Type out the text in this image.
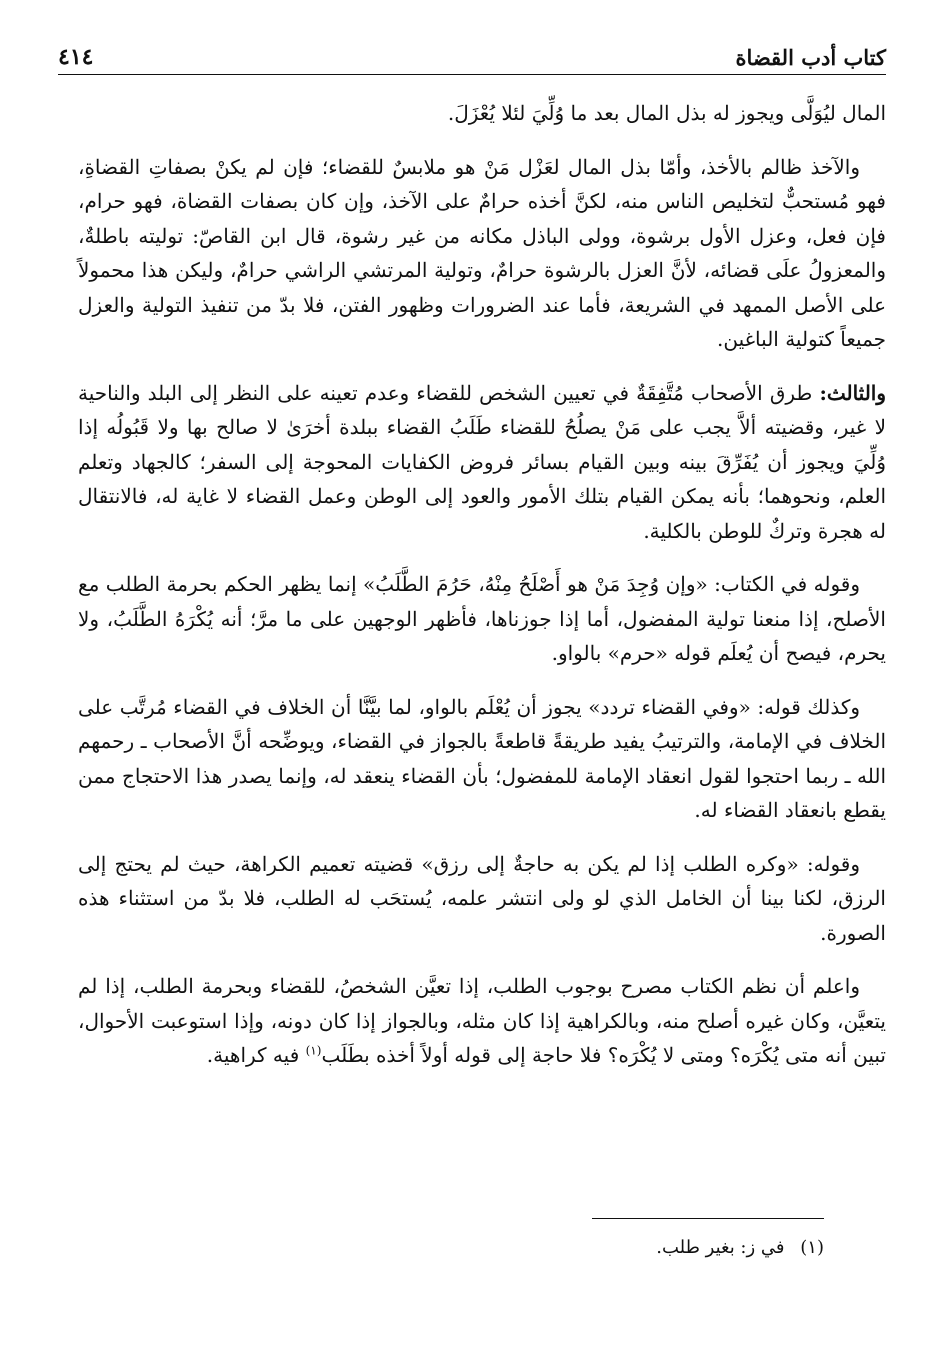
كتاب أدب القضاة
٤١٤

المال ليُوَلَّى ويجوز له بذل المال بعد ما وُلِّيَ لئلا يُعْزَلَ.

والآخذ ظالم بالأخذ، وأمّا بذل المال لعَزْل مَنْ هو ملابسٌ للقضاء؛ فإن لم يكنْ بصفاتِ القضاةِ، فهو مُستحبٌّ لتخليص الناس منه، لكنَّ أخذه حرامٌ على الآخذ، وإن كان بصفات القضاة، فهو حرام، فإن فعل، وعزل الأول برشوة، وولى الباذل مكانه من غير رشوة، قال ابن القاصّ: توليته باطلةٌ، والمعزولُ علَى قضائه، لأنَّ العزل بالرشوة حرامٌ، وتولية المرتشي الراشي حرامٌ، وليكن هذا محمولاً على الأصل الممهد في الشريعة، فأما عند الضرورات وظهور الفتن، فلا بدّ من تنفيذ التولية والعزل جميعاً كتولية الباغين.

والثالث: طرق الأصحاب مُتَّفِقَةٌ في تعيين الشخص للقضاء وعدم تعينه على النظر إلى البلد والناحية لا غير، وقضيته ألاَّ يجب على مَنْ يصلُحُ للقضاء طَلَبُ القضاء ببلدة أخرَىٰ لا صالح بها ولا قَبُولُه إذا وُلِّيَ ويجوز أن يُفَرِّقَ بينه وبين القيام بسائر فروض الكفايات المحوجة إلى السفر؛ كالجهاد وتعلم العلم، ونحوهما؛ بأنه يمكن القيام بتلك الأمور والعود إلى الوطن وعمل القضاء لا غاية له، فالانتقال له هجرة وتركٌ للوطن بالكلية.

وقوله في الكتاب: «وإن وُجِدَ مَنْ هو أَصْلَحُ مِنْهُ، حَرُمَ الطَّلَبُ» إنما يظهر الحكم بحرمة الطلب مع الأصلح، إذا منعنا تولية المفضول، أما إذا جوزناها، فأظهر الوجهين على ما مرَّ؛ أنه يُكْرَهُ الطَّلَبُ، ولا يحرم، فيصح أن يُعلَم قوله «حرم» بالواو.

وكذلك قوله: «وفي القضاء تردد» يجوز أن يُعْلَم بالواو، لما بيَّنَّا أن الخلاف في القضاء مُرتَّب على الخلاف في الإمامة، والترتيبُ يفيد طريقةً قاطعةً بالجواز في القضاء، ويوضِّحه أنَّ الأصحاب ـ رحمهم الله ـ ربما احتجوا لقول انعقاد الإمامة للمفضول؛ بأن القضاء ينعقد له، وإنما يصدر هذا الاحتجاج ممن يقطع بانعقاد القضاء له.

وقوله: «وكره الطلب إذا لم يكن به حاجةٌ إلى رزق» قضيته تعميم الكراهة، حيث لم يحتج إلى الرزق، لكنا بينا أن الخامل الذي لو ولى انتشر علمه، يُستحَب له الطلب، فلا بدّ من استثناء هذه الصورة.

واعلم أن نظم الكتاب مصرح بوجوب الطلب، إذا تعيَّن الشخصُ، للقضاء وبحرمة الطلب، إذا لم يتعيَّن، وكان غيره أصلح منه، وبالكراهية إذا كان مثله، وبالجواز إذا كان دونه، وإذا استوعبت الأحوال، تبين أنه متى يُكْرَه؟ ومتى لا يُكْرَه؟ فلا حاجة إلى قوله أولاً أخذه بطَلَب$^{(١)}$ فيه كراهية.

(١) في ز: بغير طلب.
